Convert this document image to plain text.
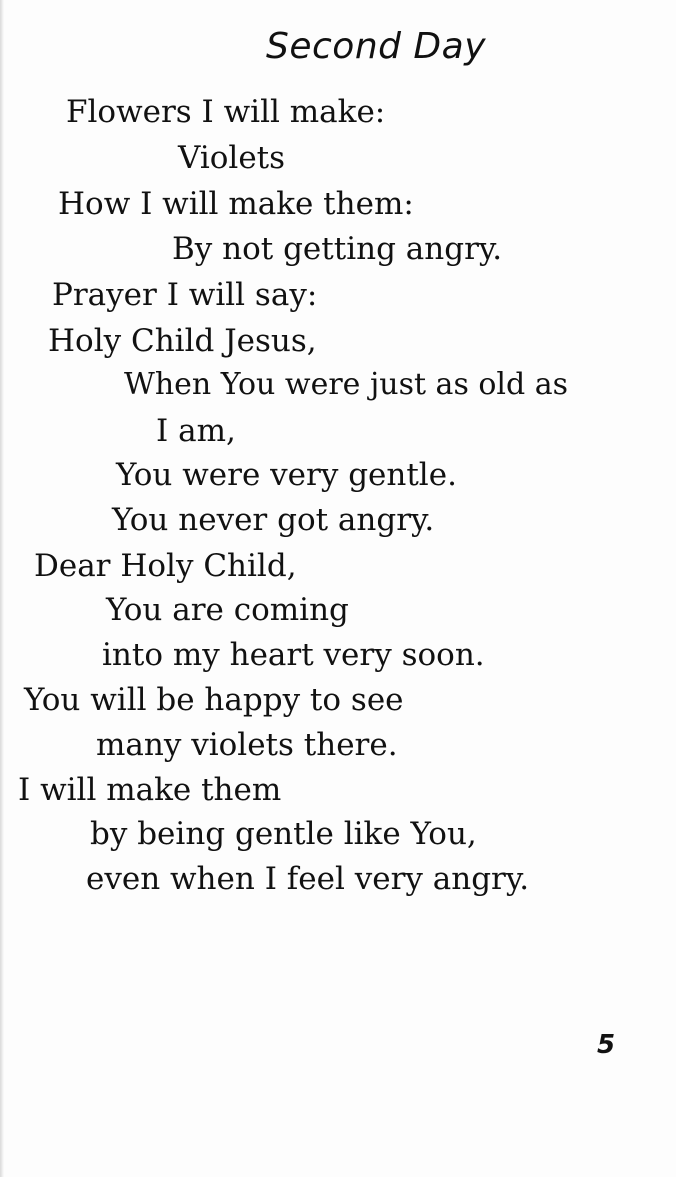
Second Day
Flowers I will make:
Violets
How I will make them:
By not getting angry.
Prayer I will say:
Holy Child Jesus,
When You were just as old as
I am,
You were very gentle.
You never got angry.
Dear Holy Child,
You are coming
into my heart very soon.
You will be happy to see
many violets there.
I will make them
by being gentle like You,
even when I feel very angry.
5
